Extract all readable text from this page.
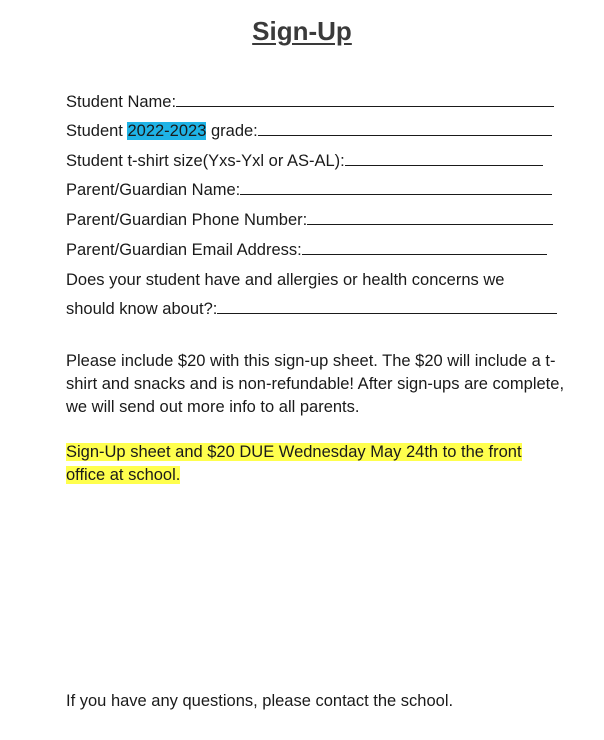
Sign-Up
Student Name:
Student 2022-2023 grade:
Student t-shirt size(Yxs-Yxl or AS-AL):
Parent/Guardian Name:
Parent/Guardian Phone Number:
Parent/Guardian Email Address:
Does your student have and allergies or health concerns we
should know about?:
Please include $20 with this sign-up sheet. The $20 will include a t-shirt and snacks and is non-refundable! After sign-ups are complete, we will send out more info to all parents.
Sign-Up sheet and $20 DUE Wednesday May 24th to the front office at school.
If you have any questions, please contact the school.
